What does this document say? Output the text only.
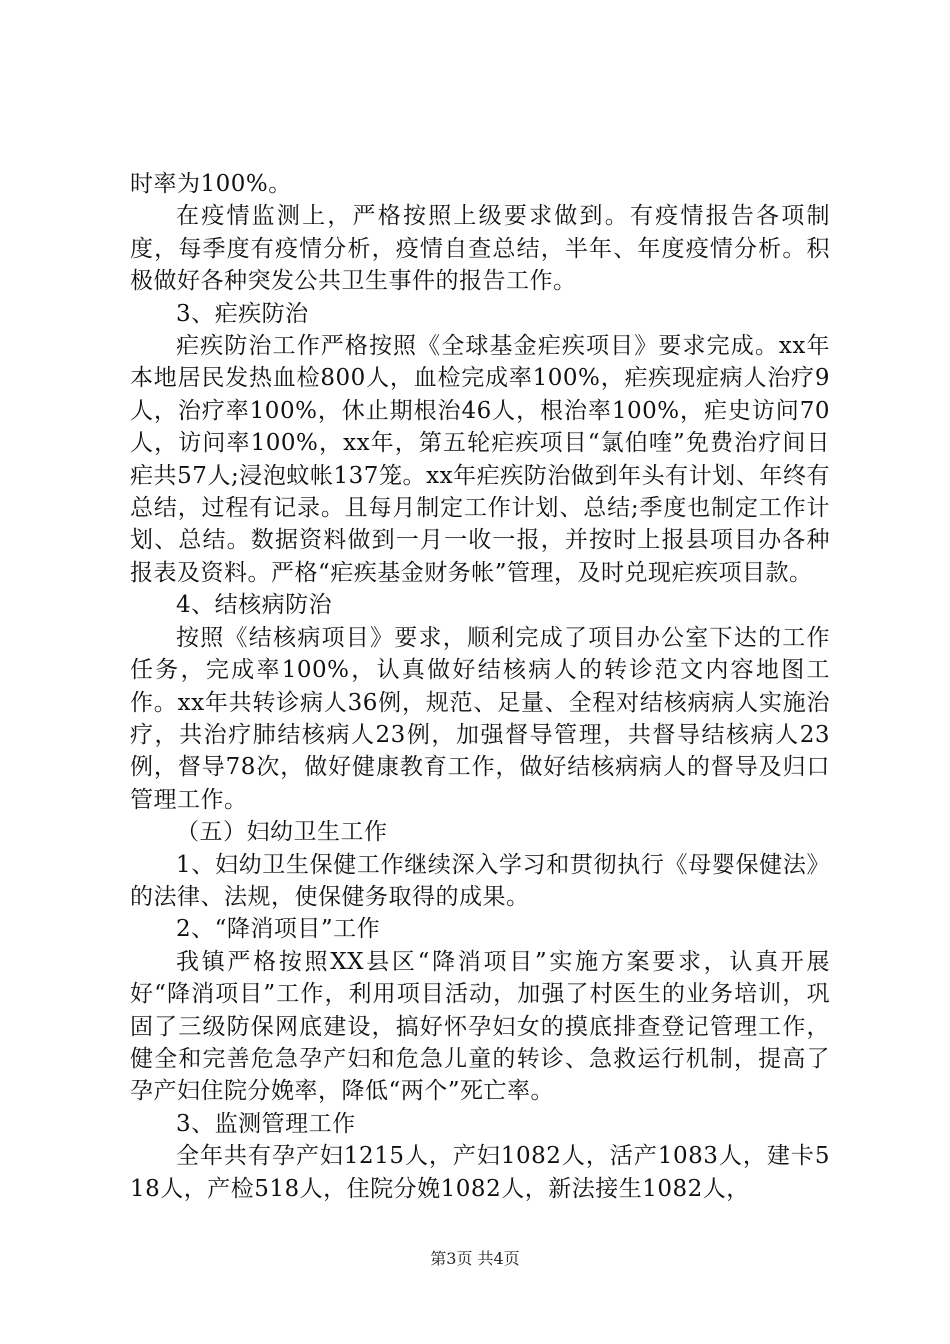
时率为100%。

在疫情监测上，严格按照上级要求做到。有疫情报告各项制度，每季度有疫情分析，疫情自查总结，半年、年度疫情分析。积极做好各种突发公共卫生事件的报告工作。

3、疟疾防治

疟疾防治工作严格按照《全球基金疟疾项目》要求完成。xx年本地居民发热血检800人，血检完成率100%，疟疾现症病人治疗9人，治疗率100%，休止期根治46人，根治率100%，疟史访问70人，访问率100%，xx年，第五轮疟疾项目“氯伯喹”免费治疗间日疟共57人;浸泡蚊帐137笼。xx年疟疾防治做到年头有计划、年终有总结，过程有记录。且每月制定工作计划、总结;季度也制定工作计划、总结。数据资料做到一月一收一报，并按时上报县项目办各种报表及资料。严格“疟疾基金财务帐”管理，及时兑现疟疾项目款。

4、结核病防治

按照《结核病项目》要求，顺利完成了项目办公室下达的工作任务，完成率100%，认真做好结核病人的转诊范文内容地图工作。xx年共转诊病人36例，规范、足量、全程对结核病病人实施治疗，共治疗肺结核病人23例，加强督导管理，共督导结核病人23例，督导78次，做好健康教育工作，做好结核病病人的督导及归口管理工作。

（五）妇幼卫生工作

1、妇幼卫生保健工作继续深入学习和贯彻执行《母婴保健法》的法律、法规，使保健务取得的成果。

2、“降消项目”工作

我镇严格按照XX县区“降消项目”实施方案要求，认真开展好“降消项目”工作，利用项目活动，加强了村医生的业务培训，巩固了三级防保网底建设，搞好怀孕妇女的摸底排查登记管理工作，健全和完善危急孕产妇和危急儿童的转诊、急救运行机制，提高了孕产妇住院分娩率，降低“两个”死亡率。

3、监测管理工作

全年共有孕产妇1215人，产妇1082人，活产1083人，建卡518人，产检518人，住院分娩1082人，新法接生1082人，

第3页 共4页
